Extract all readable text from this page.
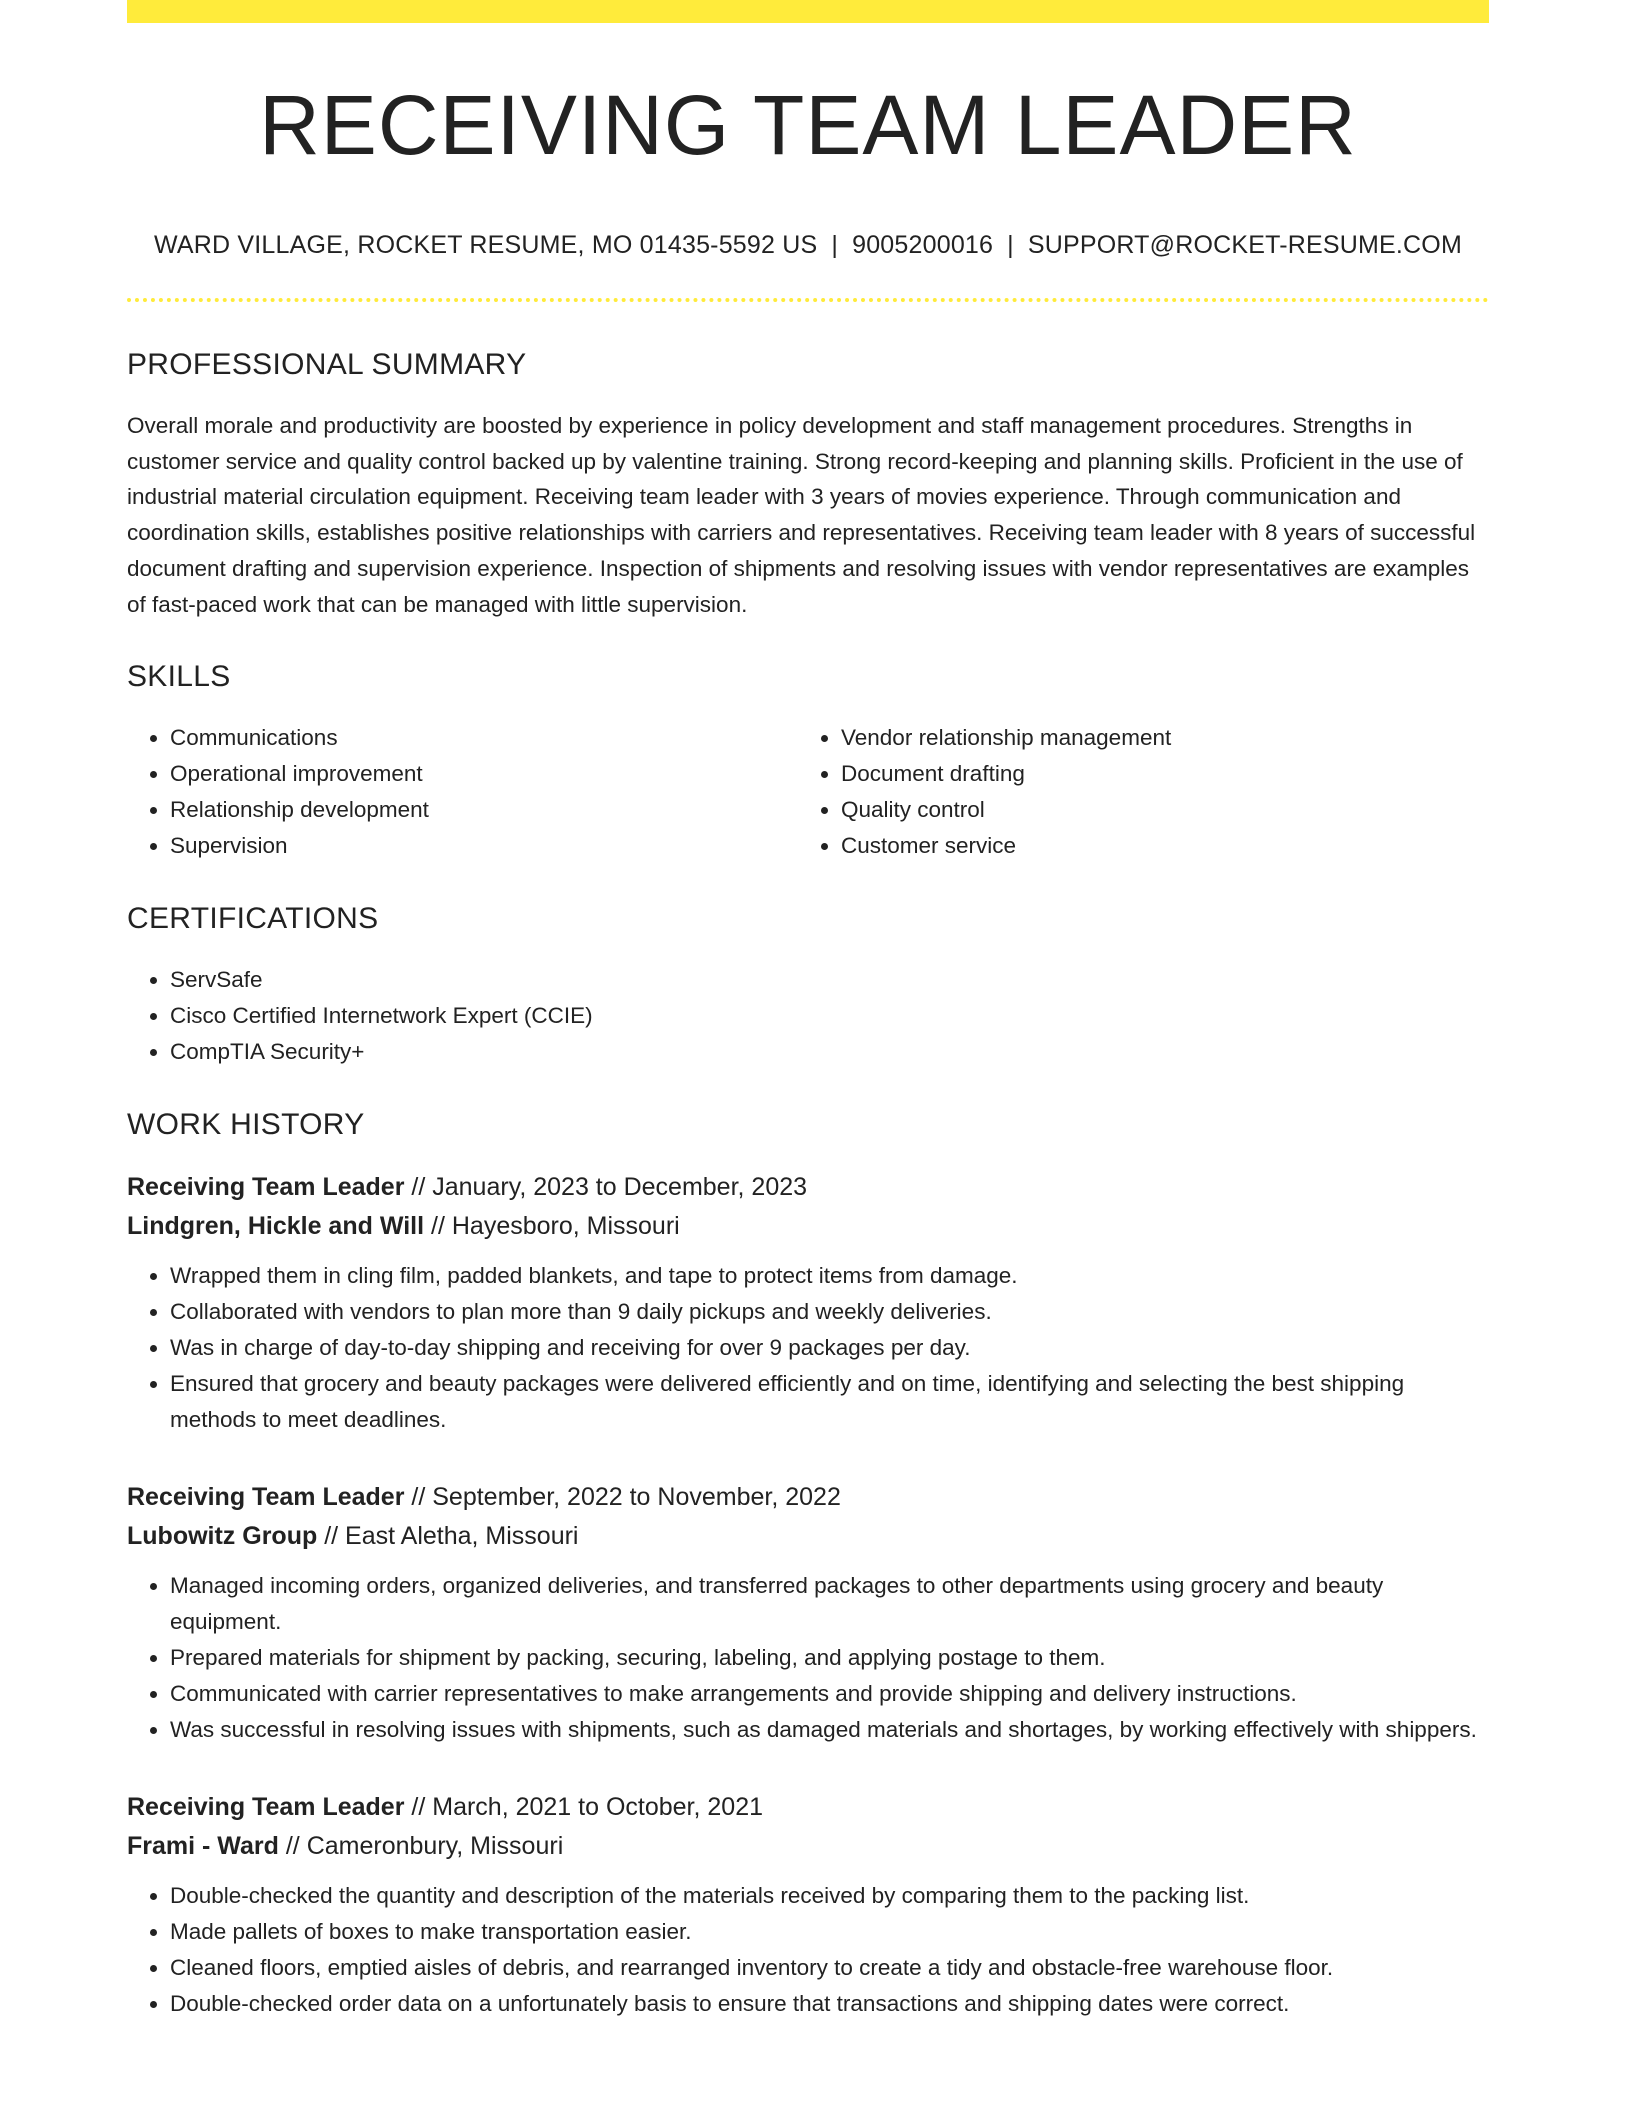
RECEIVING TEAM LEADER
WARD VILLAGE, ROCKET RESUME, MO 01435-5592 US | 9005200016 | SUPPORT@ROCKET-RESUME.COM
PROFESSIONAL SUMMARY

Overall morale and productivity are boosted by experience in policy development and staff management procedures. Strengths in customer service and quality control backed up by valentine training. Strong record-keeping and planning skills. Proficient in the use of industrial material circulation equipment. Receiving team leader with 3 years of movies experience. Through communication and coordination skills, establishes positive relationships with carriers and representatives. Receiving team leader with 8 years of successful document drafting and supervision experience. Inspection of shipments and resolving issues with vendor representatives are examples of fast-paced work that can be managed with little supervision.

SKILLS
• Communications
• Operational improvement
• Relationship development
• Supervision
• Vendor relationship management
• Document drafting
• Quality control
• Customer service
CERTIFICATIONS
• ServSafe
• Cisco Certified Internetwork Expert (CCIE)
• CompTIA Security+
WORK HISTORY
Receiving Team Leader // January, 2023 to December, 2023
Lindgren, Hickle and Will // Hayesboro, Missouri
• Wrapped them in cling film, padded blankets, and tape to protect items from damage.
• Collaborated with vendors to plan more than 9 daily pickups and weekly deliveries.
• Was in charge of day-to-day shipping and receiving for over 9 packages per day.
• Ensured that grocery and beauty packages were delivered efficiently and on time, identifying and selecting the best shipping methods to meet deadlines.
Receiving Team Leader // September, 2022 to November, 2022
Lubowitz Group // East Aletha, Missouri
• Managed incoming orders, organized deliveries, and transferred packages to other departments using grocery and beauty equipment.
• Prepared materials for shipment by packing, securing, labeling, and applying postage to them.
• Communicated with carrier representatives to make arrangements and provide shipping and delivery instructions.
• Was successful in resolving issues with shipments, such as damaged materials and shortages, by working effectively with shippers.
Receiving Team Leader // March, 2021 to October, 2021
Frami - Ward // Cameronbury, Missouri
• Double-checked the quantity and description of the materials received by comparing them to the packing list.
• Made pallets of boxes to make transportation easier.
• Cleaned floors, emptied aisles of debris, and rearranged inventory to create a tidy and obstacle-free warehouse floor.
• Double-checked order data on a unfortunately basis to ensure that transactions and shipping dates were correct.
